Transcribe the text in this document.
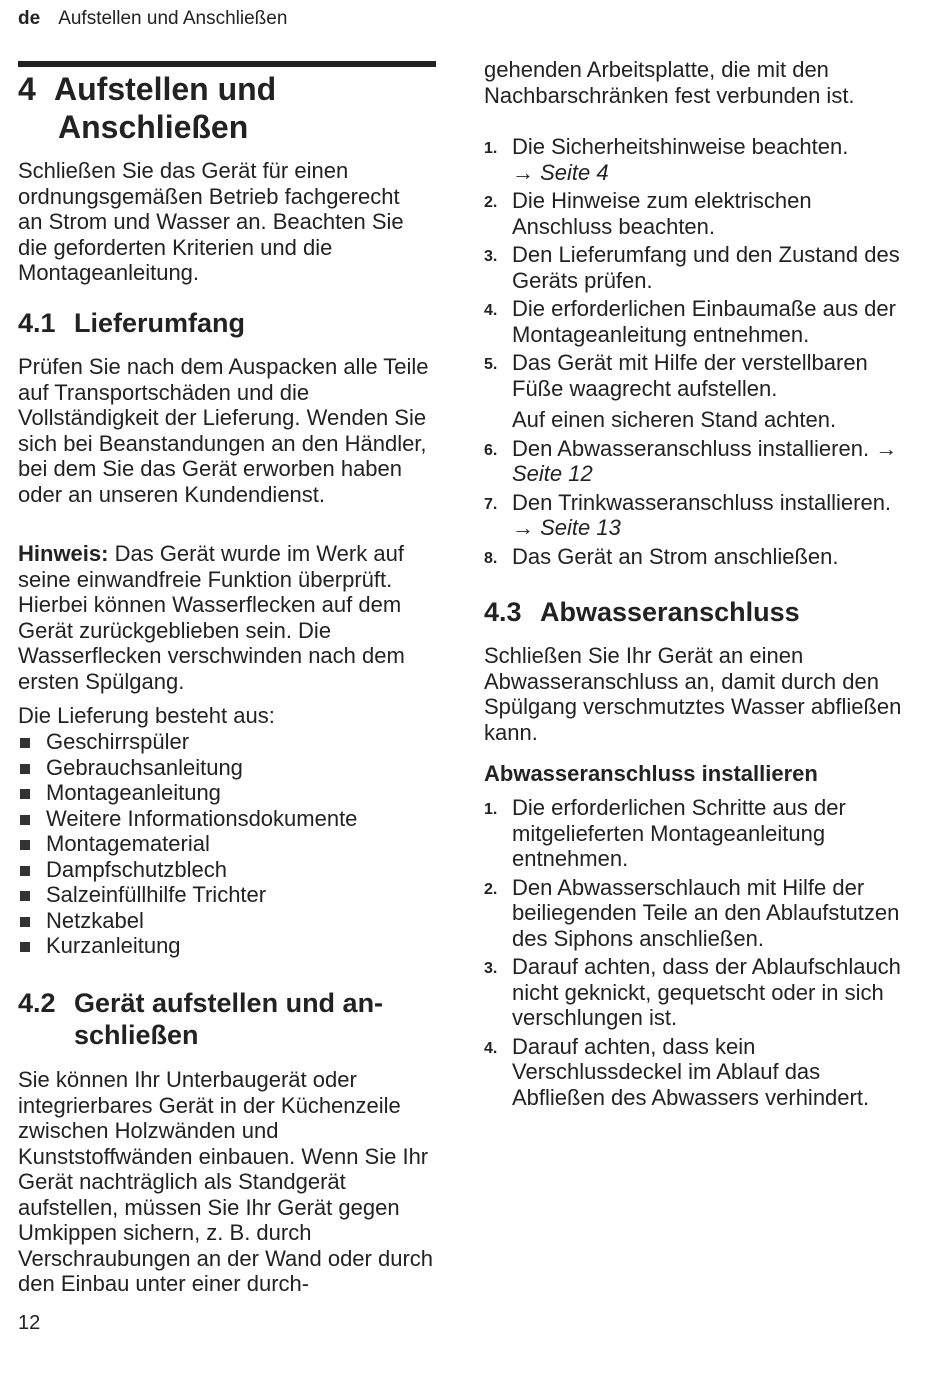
de Aufstellen und Anschließen
4 Aufstellen und
Anschließen

Schließen Sie das Gerät für einen ordnungsgemäßen Betrieb fachgerecht an Strom und Wasser an. Beachten Sie die geforderten Kriterien und die Montageanleitung.

4.1 Lieferumfang

Prüfen Sie nach dem Auspacken alle Teile auf Transportschäden und die Vollständigkeit der Lieferung. Wenden Sie sich bei Beanstandungen an den Händler, bei dem Sie das Gerät erworben haben oder an unseren Kundendienst.

Hinweis: Das Gerät wurde im Werk auf seine einwandfreie Funktion überprüft. Hierbei können Wasserflecken auf dem Gerät zurückgeblieben sein. Die Wasserflecken verschwinden nach dem ersten Spülgang.

Die Lieferung besteht aus:

Geschirrspüler
Gebrauchsanleitung
Montageanleitung
Weitere Informationsdokumente
Montagematerial
Dampfschutzblech
Salzeinfüllhilfe Trichter
Netzkabel
Kurzanleitung
4.2 Gerät aufstellen und an-
schließen

Sie können Ihr Unterbaugerät oder integrierbares Gerät in der Küchenzeile zwischen Holzwänden und Kunststoffwänden einbauen. Wenn Sie Ihr Gerät nachträglich als Standgerät aufstellen, müssen Sie Ihr Gerät gegen Umkippen sichern, z. B. durch Verschraubungen an der Wand oder durch den Einbau unter einer durch-

12

gehenden Arbeitsplatte, die mit den Nachbarschränken fest verbunden ist.

1. Die Sicherheitshinweise beachten.
→ Seite 4
2. Die Hinweise zum elektrischen Anschluss beachten.
3. Den Lieferumfang und den Zustand des Geräts prüfen.
4. Die erforderlichen Einbaumaße aus der Montageanleitung entnehmen.
5. Das Gerät mit Hilfe der verstellbaren Füße waagrecht aufstellen.
Auf einen sicheren Stand achten.
6. Den Abwasseranschluss installieren. → Seite 12
7. Den Trinkwasseranschluss installieren. → Seite 13
8. Das Gerät an Strom anschließen.
4.3 Abwasseranschluss

Schließen Sie Ihr Gerät an einen Abwasseranschluss an, damit durch den Spülgang verschmutztes Wasser abfließen kann.

Abwasseranschluss installieren
1. Die erforderlichen Schritte aus der mitgelieferten Montageanleitung entnehmen.
2. Den Abwasserschlauch mit Hilfe der beiliegenden Teile an den Ablaufstutzen des Siphons anschließen.
3. Darauf achten, dass der Ablaufschlauch nicht geknickt, gequetscht oder in sich verschlungen ist.
4. Darauf achten, dass kein Verschlussdeckel im Ablauf das Abfließen des Abwassers verhindert.
